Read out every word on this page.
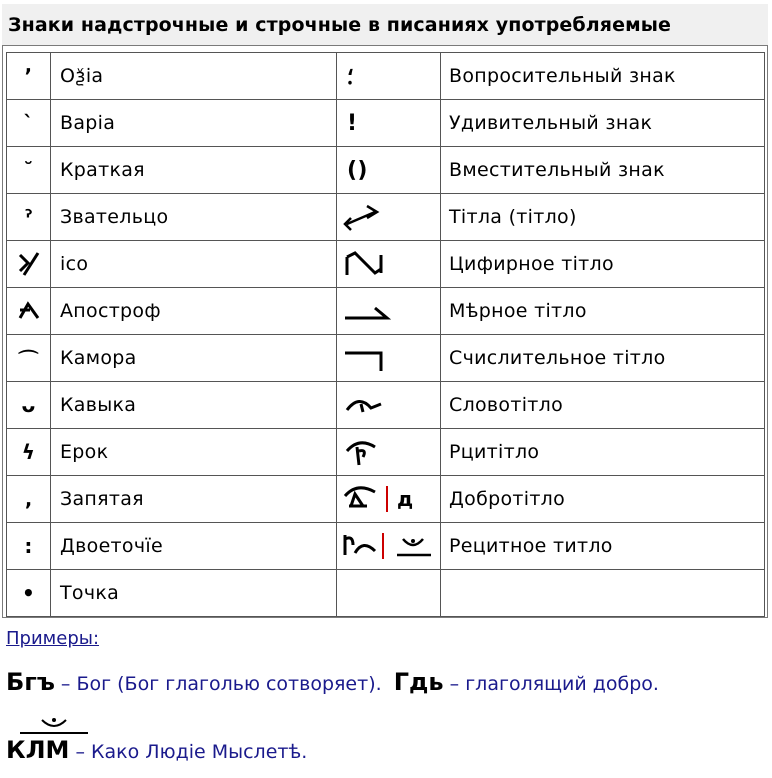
Знаки надстрочные и строчные в писаниях употребляемые
ʼ	Оѯіа	⸵	Вопросительный знак
ˋ	Варіа	!	Удивительный знак
˘	Краткая	()	Вместительный знак
ˀ	Звательцо		Тітла (тітло)

	ico		Цифирное тітло

	Апостроф		Мѣрное тітло
⌒	Камора		Счислительное тітло
ᴗ	Кавыка		Словотітло
ϟ	Ерок		Рцитітло
‚	Запятая	д	Добротітло
:	Двоеточїе		Рецитное титло
•	Точка		
Примеры:
Бгъ – Бог (Бог глаголью сотворяет). Гдь – глаголящий добро.
КЛМ – Како Людіе Мыслетѣ.
